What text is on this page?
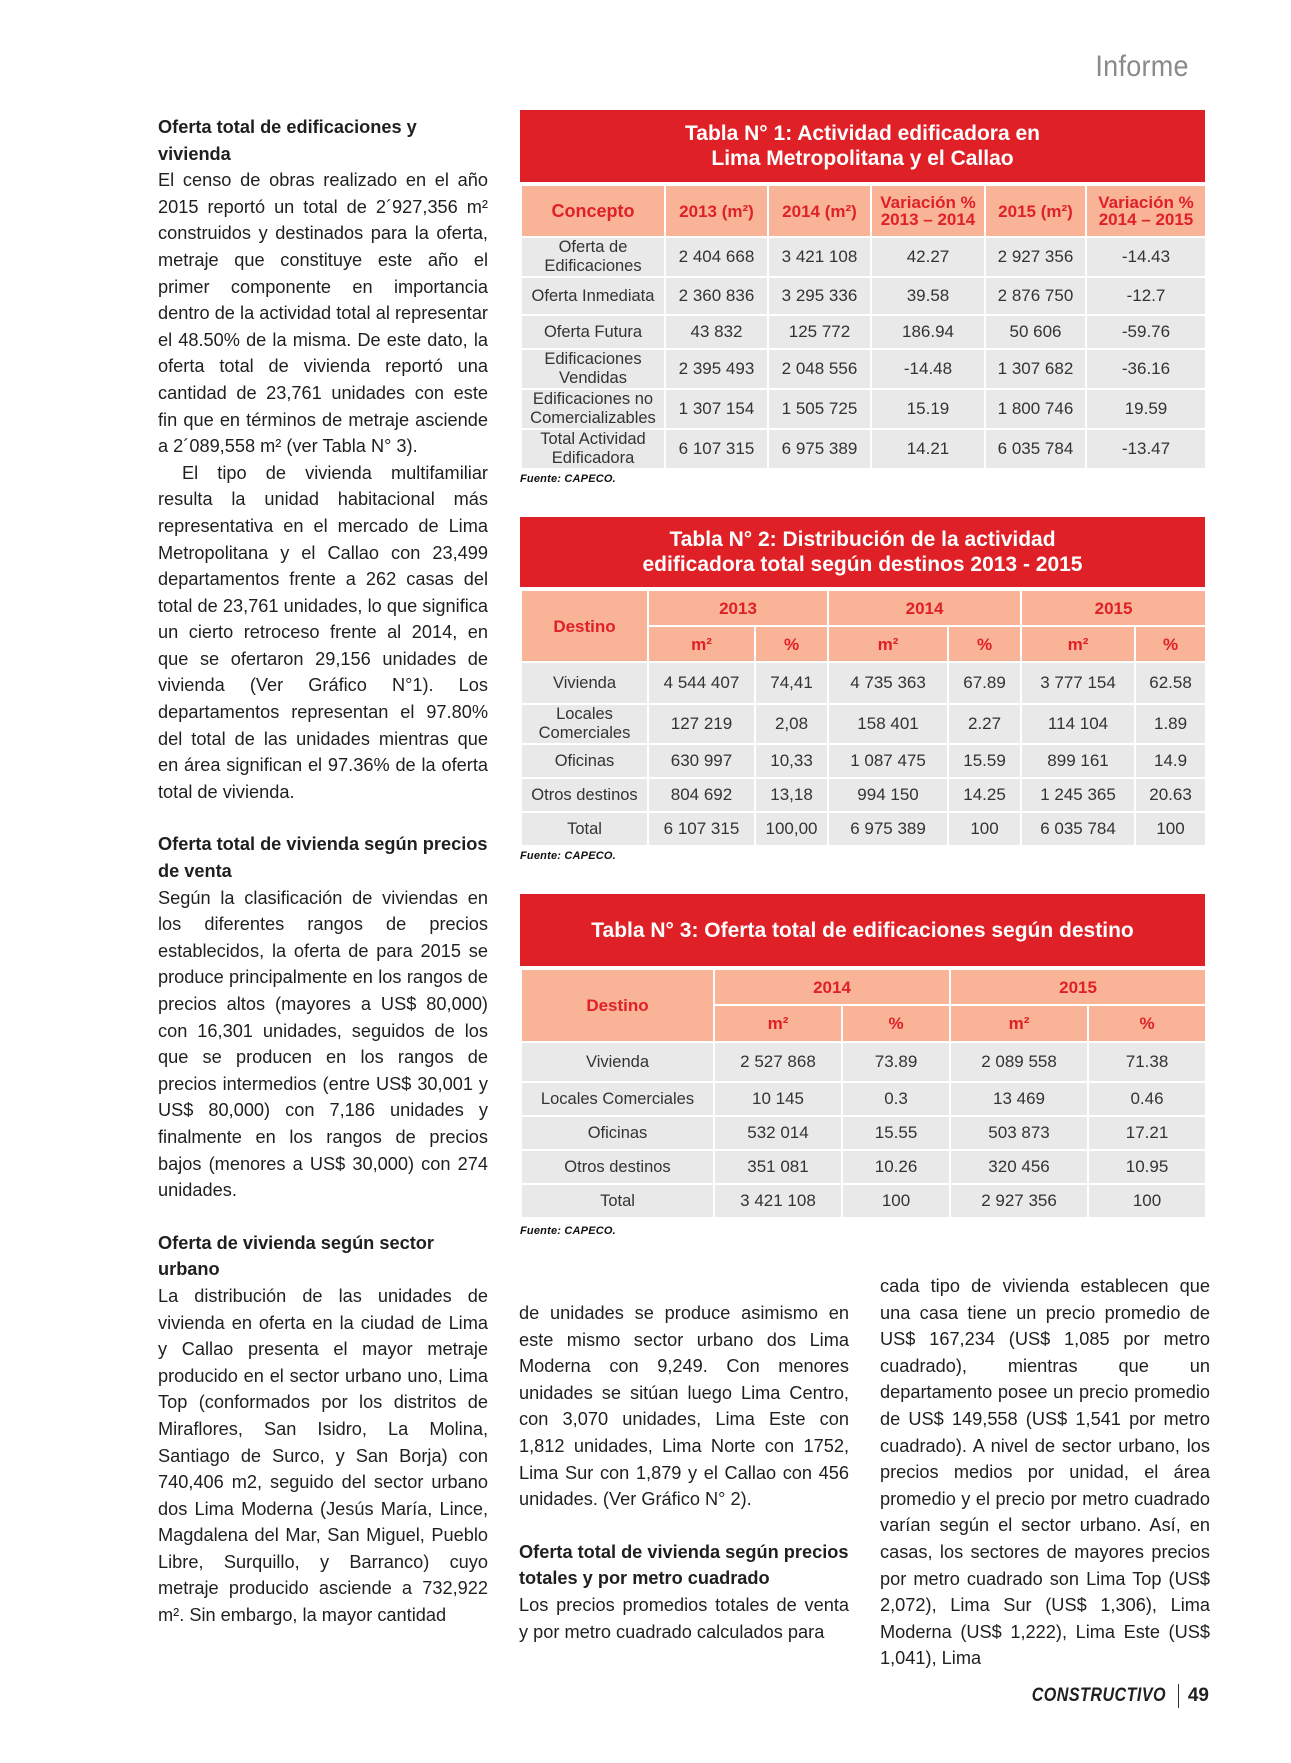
Informe
Oferta total de edificaciones y vivienda

El censo de obras realizado en el año 2015 reportó un total de 2´927,356 m² construidos y destinados para la oferta, metraje que constituye este año el primer componente en importancia dentro de la actividad total al representar el 48.50% de la misma. De este dato, la oferta total de vivienda reportó una cantidad de 23,761 unidades con este fin que en términos de metraje asciende a 2´089,558 m² (ver Tabla N° 3).

El tipo de vivienda multifamiliar resulta la unidad habitacional más representativa en el mercado de Lima Metropolitana y el Callao con 23,499 departamentos frente a 262 casas del total de 23,761 unidades, lo que significa un cierto retroceso frente al 2014, en que se ofertaron 29,156 unidades de vivienda (Ver Gráfico N°1). Los departamentos representan el 97.80% del total de las unidades mientras que en área significan el 97.36% de la oferta total de vivienda.

Oferta total de vivienda según precios de venta

Según la clasificación de viviendas en los diferentes rangos de precios establecidos, la oferta de para 2015 se produce principalmente en los rangos de precios altos (mayores a US$ 80,000) con 16,301 unidades, seguidos de los que se producen en los rangos de precios intermedios (entre US$ 30,001 y US$ 80,000) con 7,186 unidades y finalmente en los rangos de precios bajos (menores a US$ 30,000) con 274 unidades.

Oferta de vivienda según sector urbano

La distribución de las unidades de vivienda en oferta en la ciudad de Lima y Callao presenta el mayor metraje producido en el sector urbano uno, Lima Top (conformados por los distritos de Miraflores, San Isidro, La Molina, Santiago de Surco, y San Borja) con 740,406 m2, seguido del sector urbano dos Lima Moderna (Jesús María, Lince, Magdalena del Mar, San Miguel, Pueblo Libre, Surquillo, y Barranco) cuyo metraje producido asciende a 732,922 m². Sin embargo, la mayor cantidad

Tabla N° 1: Actividad edificadora en
Lima Metropolitana y el Callao
Concepto	2013 (m²)	2014 (m²)	Variación % 2013 – 2014	2015 (m²)	Variación % 2014 – 2015
Oferta de Edificaciones	2 404 668	3 421 108	42.27	2 927 356	-14.43
Oferta Inmediata	2 360 836	3 295 336	39.58	2 876 750	-12.7
Oferta Futura	43 832	125 772	186.94	50 606	-59.76
Edificaciones Vendidas	2 395 493	2 048 556	-14.48	1 307 682	-36.16
Edificaciones no Comercializables	1 307 154	1 505 725	15.19	1 800 746	19.59
Total Actividad Edificadora	6 107 315	6 975 389	14.21	6 035 784	-13.47
Fuente: CAPECO.
Tabla N° 2: Distribución de la actividad
edificadora total según destinos 2013 - 2015
Destino	2013		2014		2015	
	m²	%	m²	%	m²	%
Vivienda	4 544 407	74,41	4 735 363	67.89	3 777 154	62.58
Locales Comerciales	127 219	2,08	158 401	2.27	114 104	1.89
Oficinas	630 997	10,33	1 087 475	15.59	899 161	14.9
Otros destinos	804 692	13,18	994 150	14.25	1 245 365	20.63
Total	6 107 315	100,00	6 975 389	100	6 035 784	100
Fuente: CAPECO.
Tabla N° 3: Oferta total de edificaciones según destino
Destino	2014		2015	
	m²	%	m²	%
Vivienda	2 527 868	73.89	2 089 558	71.38
Locales Comerciales	10 145	0.3	13 469	0.46
Oficinas	532 014	15.55	503 873	17.21
Otros destinos	351 081	10.26	320 456	10.95
Total	3 421 108	100	2 927 356	100
Fuente: CAPECO.

de unidades se produce asimismo en este mismo sector urbano dos Lima Moderna con 9,249. Con menores unidades se sitúan luego Lima Centro, con 3,070 unidades, Lima Este con 1,812 unidades, Lima Norte con 1752, Lima Sur con 1,879 y el Callao con 456 unidades. (Ver Gráfico N° 2).

Oferta total de vivienda según precios totales y por metro cuadrado

Los precios promedios totales de venta y por metro cuadrado calculados para

cada tipo de vivienda establecen que una casa tiene un precio promedio de US$ 167,234 (US$ 1,085 por metro cuadrado), mientras que un departamento posee un precio promedio de US$ 149,558 (US$ 1,541 por metro cuadrado). A nivel de sector urbano, los precios medios por unidad, el área promedio y el precio por metro cuadrado varían según el sector urbano. Así, en casas, los sectores de mayores precios por metro cuadrado son Lima Top (US$ 2,072), Lima Sur (US$ 1,306), Lima Moderna (US$ 1,222), Lima Este (US$ 1,041), Lima

CONSTRUCTIVO 49
